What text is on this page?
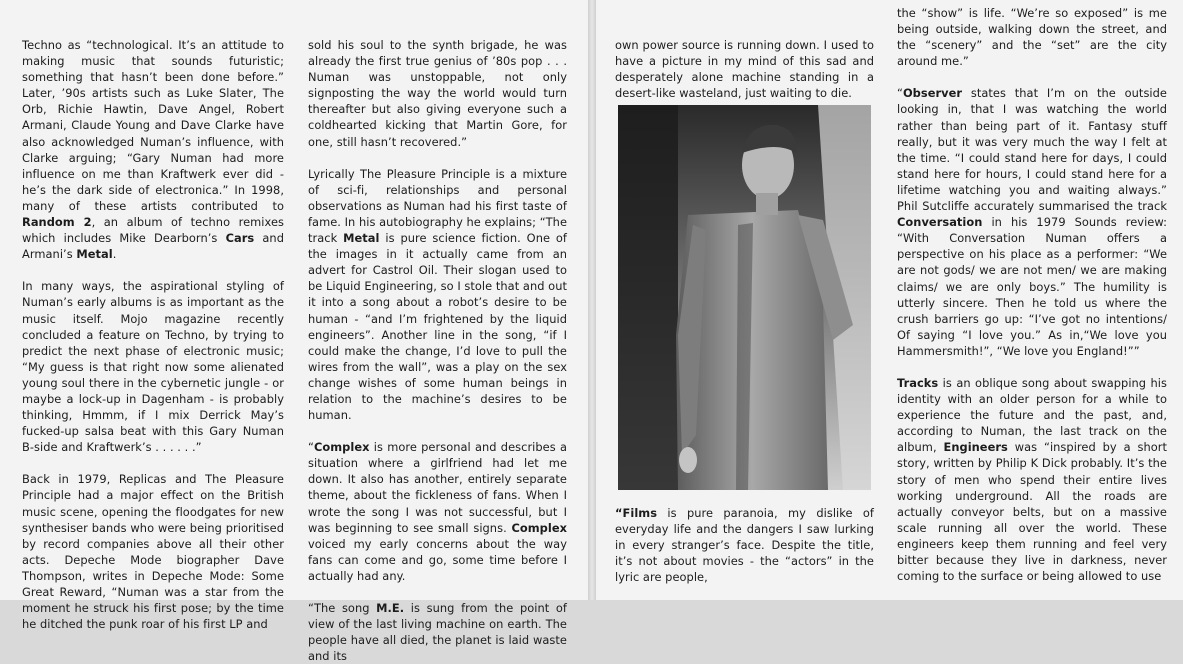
Techno as “technological. It’s an attitude to making music that sounds futuristic; something that hasn’t been done before.” Later, ’90s artists such as Luke Slater, The Orb, Richie Hawtin, Dave Angel, Robert Armani, Claude Young and Dave Clarke have also acknowledged Numan’s influence, with Clarke arguing; “Gary Numan had more influence on me than Kraftwerk ever did - he’s the dark side of electronica.” In 1998, many of these artists contributed to Random 2, an album of techno remixes which includes Mike Dearborn’s Cars and Armani’s Metal.

In many ways, the aspirational styling of Numan’s early albums is as important as the music itself. Mojo magazine recently concluded a feature on Techno, by trying to predict the next phase of electronic music; “My guess is that right now some alienated young soul there in the cybernetic jungle - or maybe a lock-up in Dagenham - is probably thinking, Hmmm, if I mix Derrick May’s fucked-up salsa beat with this Gary Numan B-side and Kraftwerk’s . . . . . .”

Back in 1979, Replicas and The Pleasure Principle had a major effect on the British music scene, opening the floodgates for new synthesiser bands who were being prioritised by record companies above all their other acts. Depeche Mode biographer Dave Thompson, writes in Depeche Mode: Some Great Reward, “Numan was a star from the moment he struck his first pose; by the time he ditched the punk roar of his first LP and

sold his soul to the synth brigade, he was already the first true genius of ’80s pop . . . Numan was unstoppable, not only signposting the way the world would turn thereafter but also giving everyone such a coldhearted kicking that Martin Gore, for one, still hasn’t recovered.”

Lyrically The Pleasure Principle is a mixture of sci-fi, relationships and personal observations as Numan had his first taste of fame. In his autobiography he explains; “The track Metal is pure science fiction. One of the images in it actually came from an advert for Castrol Oil. Their slogan used to be Liquid Engineering, so I stole that and out it into a song about a robot’s desire to be human - “and I’m frightened by the liquid engineers”. Another line in the song, “if I could make the change, I’d love to pull the wires from the wall”, was a play on the sex change wishes of some human beings in relation to the machine’s desires to be human.

“Complex is more personal and describes a situation where a girlfriend had let me down. It also has another, entirely separate theme, about the fickleness of fans. When I wrote the song I was not successful, but I was beginning to see small signs. Complex voiced my early concerns about the way fans can come and go, some time before I actually had any.

“The song M.E. is sung from the point of view of the last living machine on earth. The people have all died, the planet is laid waste and its

own power source is running down. I used to have a picture in my mind of this sad and desperately alone machine standing in a desert-like wasteland, just waiting to die.

“Films is pure paranoia, my dislike of everyday life and the dangers I saw lurking in every stranger’s face. Despite the title, it’s not about movies - the “actors” in the lyric are people,

the “show” is life. “We’re so exposed” is me being outside, walking down the street, and the “scenery” and the “set” are the city around me.”

“Observer states that I’m on the outside looking in, that I was watching the world rather than being part of it. Fantasy stuff really, but it was very much the way I felt at the time. “I could stand here for days, I could stand here for hours, I could stand here for a lifetime watching you and waiting always.” Phil Sutcliffe accurately summarised the track Conversation in his 1979 Sounds review: “With Conversation Numan offers a perspective on his place as a performer: “We are not gods/ we are not men/ we are making claims/ we are only boys.” The humility is utterly sincere. Then he told us where the crush barriers go up: “I’ve got no intentions/ Of saying “I love you.” As in,“We love you Hammersmith!”, “We love you England!””

Tracks is an oblique song about swapping his identity with an older person for a while to experience the future and the past, and, according to Numan, the last track on the album, Engineers was “inspired by a short story, written by Philip K Dick probably. It’s the story of men who spend their entire lives working underground. All the roads are actually conveyor belts, but on a massive scale running all over the world. These engineers keep them running and feel very bitter because they live in darkness, never coming to the surface or being allowed to use
